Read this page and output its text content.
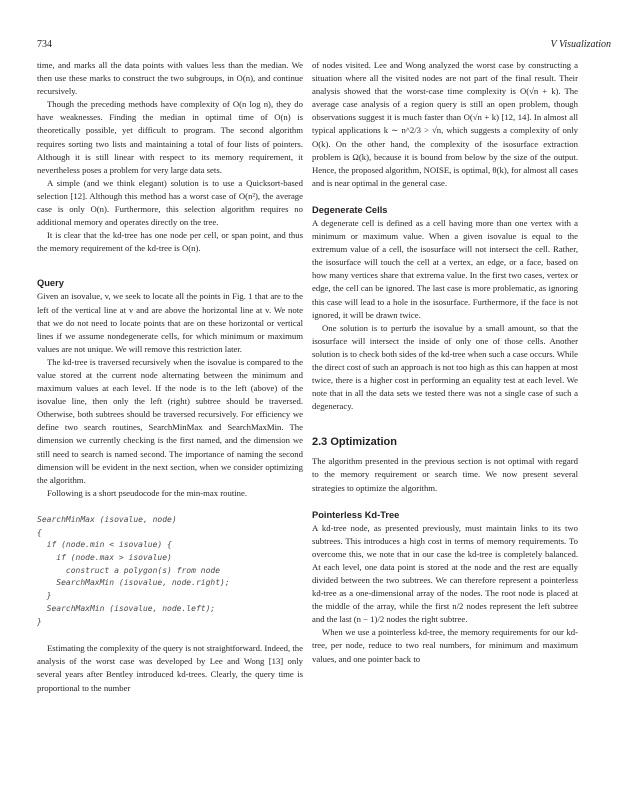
734	V Visualization

time, and marks all the data points with values less than the median. We then use these marks to construct the two subgroups, in O(n), and continue recursively.

Though the preceding methods have complexity of O(n log n), they do have weaknesses. Finding the median in optimal time of O(n) is theoretically possible, yet difficult to program. The second algorithm requires sorting two lists and maintaining a total of four lists of pointers. Although it is still linear with respect to its memory requirement, it nevertheless poses a problem for very large data sets.

A simple (and we think elegant) solution is to use a Quicksort-based selection [12]. Although this method has a worst case of O(n²), the average case is only O(n). Furthermore, this selection algorithm requires no additional memory and operates directly on the tree.

It is clear that the kd-tree has one node per cell, or span point, and thus the memory requirement of the kd-tree is O(n).

Query

Given an isovalue, v, we seek to locate all the points in Fig. 1 that are to the left of the vertical line at v and are above the horizontal line at v. We note that we do not need to locate points that are on these horizontal or vertical lines if we assume nondegenerate cells, for which minimum or maximum values are not unique. We will remove this restriction later.

The kd-tree is traversed recursively when the isovalue is compared to the value stored at the current node alternating between the minimum and maximum values at each level. If the node is to the left (above) of the isovalue line, then only the left (right) subtree should be traversed. Otherwise, both subtrees should be traversed recursively. For efficiency we define two search routines, SearchMinMax and SearchMaxMin. The dimension we currently checking is the first named, and the dimension we still need to search is named second. The importance of naming the second dimension will be evident in the next section, when we consider optimizing the algorithm.

Following is a short pseudocode for the min-max routine.

SearchMinMax (isovalue, node)
{
if (node.min < isovalue) {
if (node.max > isovalue)
construct a polygon(s) from node
SearchMaxMin (isovalue, node.right);
}
SearchMaxMin (isovalue, node.left);
}

Estimating the complexity of the query is not straightforward. Indeed, the analysis of the worst case was developed by Lee and Wong [13] only several years after Bentley introduced kd-trees. Clearly, the query time is proportional to the number

of nodes visited. Lee and Wong analyzed the worst case by constructing a situation where all the visited nodes are not part of the final result. Their analysis showed that the worst-case time complexity is O(√n + k). The average case analysis of a region query is still an open problem, though observations suggest it is much faster than O(√n + k) [12, 14]. In almost all typical applications k ∼ n^2/3 > √n, which suggests a complexity of only O(k). On the other hand, the complexity of the isosurface extraction problem is Ω(k), because it is bound from below by the size of the output. Hence, the proposed algorithm, NOISE, is optimal, θ(k), for almost all cases and is near optimal in the general case.

Degenerate Cells

A degenerate cell is defined as a cell having more than one vertex with a minimum or maximum value. When a given isovalue is equal to the extremum value of a cell, the isosurface will not intersect the cell. Rather, the isosurface will touch the cell at a vertex, an edge, or a face, based on how many vertices share that extrema value. In the first two cases, vertex or edge, the cell can be ignored. The last case is more problematic, as ignoring this case will lead to a hole in the isosurface. Furthermore, if the face is not ignored, it will be drawn twice.

One solution is to perturb the isovalue by a small amount, so that the isosurface will intersect the inside of only one of those cells. Another solution is to check both sides of the kd-tree when such a case occurs. While the direct cost of such an approach is not too high as this can happen at most twice, there is a higher cost in performing an equality test at each level. We note that in all the data sets we tested there was not a single case of such a degeneracy.

2.3 Optimization

The algorithm presented in the previous section is not optimal with regard to the memory requirement or search time. We now present several strategies to optimize the algorithm.

Pointerless Kd-Tree

A kd-tree node, as presented previously, must maintain links to its two subtrees. This introduces a high cost in terms of memory requirements. To overcome this, we note that in our case the kd-tree is completely balanced. At each level, one data point is stored at the node and the rest are equally divided between the two subtrees. We can therefore represent a pointerless kd-tree as a one-dimensional array of the nodes. The root node is placed at the middle of the array, while the first n/2 nodes represent the left subtree and the last (n − 1)/2 nodes the right subtree.

When we use a pointerless kd-tree, the memory requirements for our kd-tree, per node, reduce to two real numbers, for minimum and maximum values, and one pointer back to
